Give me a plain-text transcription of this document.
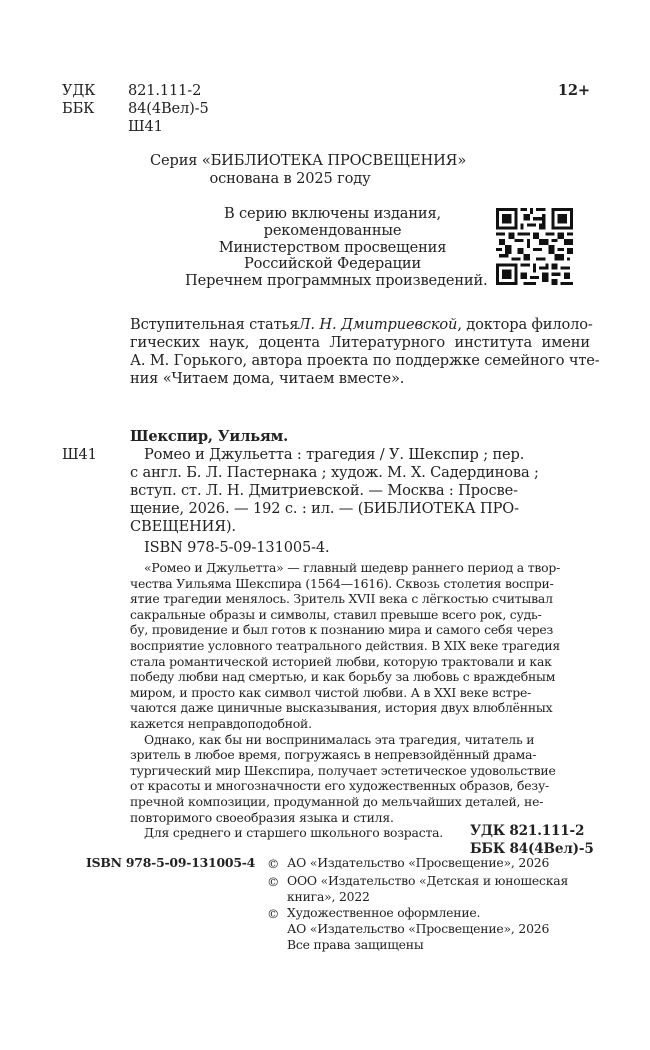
УДК	821.111-2
ББК	84(4Вел)-5
Ш41
12+
Серия «БИБЛИОТЕКА ПРОСВЕЩЕНИЯ»
основана в 2025 году
В серию включены издания,
рекомендованные
Министерством просвещения
Российской Федерации
Перечнем программных произведений.
Вступительная статьяЛ. Н. Дмитриевской, доктора филоло-
гических наук, доцента Литературного института имени
А. М. Горького, автора проекта по поддержке семейного чте-
ния «Читаем дома, читаем вместе».
Шекспир, Уильям.
Ш41	Ромео и Джульетта : трагедия / У. Шекспир ; пер.
с англ. Б. Л. Пастернака ; худож. М. Х. Садердинова ;
вступ. ст. Л. Н. Дмитриевской. — Москва : Просве-
щение, 2026. — 192 с. : ил. — (БИБЛИОТЕКА ПРО-
СВЕЩЕНИЯ).
ISBN 978-5-09-131005-4.
«Ромео и Джульетта» — главный шедевр раннего период а твор-
чества Уильяма Шекспира (1564—1616). Сквозь столетия воспри-
ятие трагедии менялось. Зритель XVII века с лёгкостью считывал
сакральные образы и символы, ставил превыше всего рок, судь-
бу, провидение и был готов к познанию мира и самого себя через
восприятие условного театрального действия. В XIX веке трагедия
стала романтической историей любви, которую трактовали и как
победу любви над смертью, и как борьбу за любовь с враждебным
миром, и просто как символ чистой любви. А в XXI веке встре-
чаются даже циничные высказывания, история двух влюблённых
кажется неправдоподобной.
Однако, как бы ни воспринималась эта трагедия, читатель и
зритель в любое время, погружаясь в непревзойдённый драма-
тургический мир Шекспира, получает эстетическое удовольствие
от красоты и многозначности его художественных образов, безу-
пречной композиции, продуманной до мельчайших деталей, не-
повторимого своеобразия языка и стиля.
Для среднего и старшего школьного возраста.	УДК 821.111-2
ББК 84(4Вел)-5
ISBN 978-5-09-131005-4 © АО «Издательство «Просвещение», 2026
© ООО «Издательство «Детская и юношеская
книга», 2022
© Художественное оформление.
АО «Издательство «Просвещение», 2026
Все права защищены
